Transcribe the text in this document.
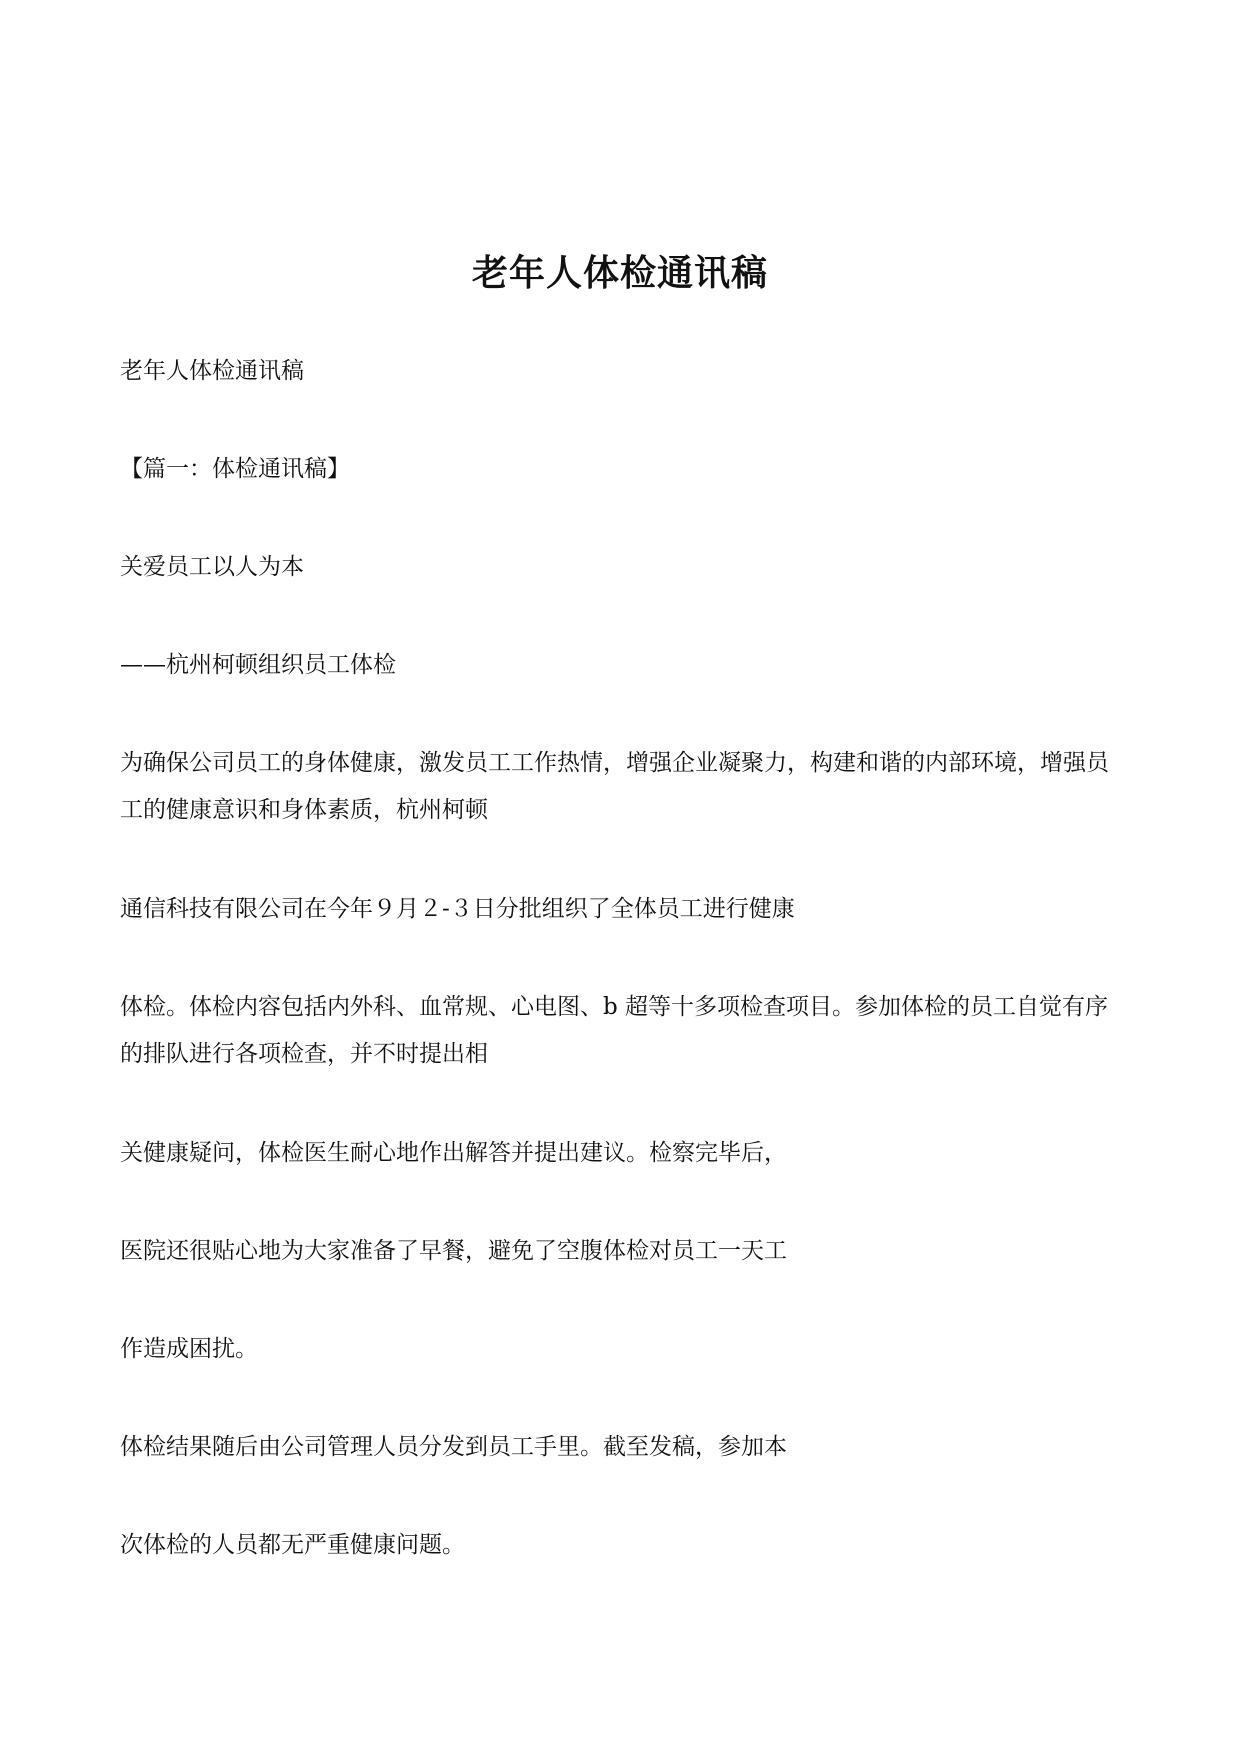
老年人体检通讯稿

老年人体检通讯稿

【篇一：体检通讯稿】

关爱员工以人为本

——杭州柯顿组织员工体检

为确保公司员工的身体健康，激发员工工作热情，增强企业凝聚力，构建和谐的内部环境，增强员工的健康意识和身体素质，杭州柯顿

通信科技有限公司在今年９月２-３日分批组织了全体员工进行健康

体检。体检内容包括内外科、血常规、心电图、b 超等十多项检查项目。参加体检的员工自觉有序的排队进行各项检查，并不时提出相

关健康疑问，体检医生耐心地作出解答并提出建议。检察完毕后，

医院还很贴心地为大家准备了早餐，避免了空腹体检对员工一天工

作造成困扰。

体检结果随后由公司管理人员分发到员工手里。截至发稿，参加本

次体检的人员都无严重健康问题。
